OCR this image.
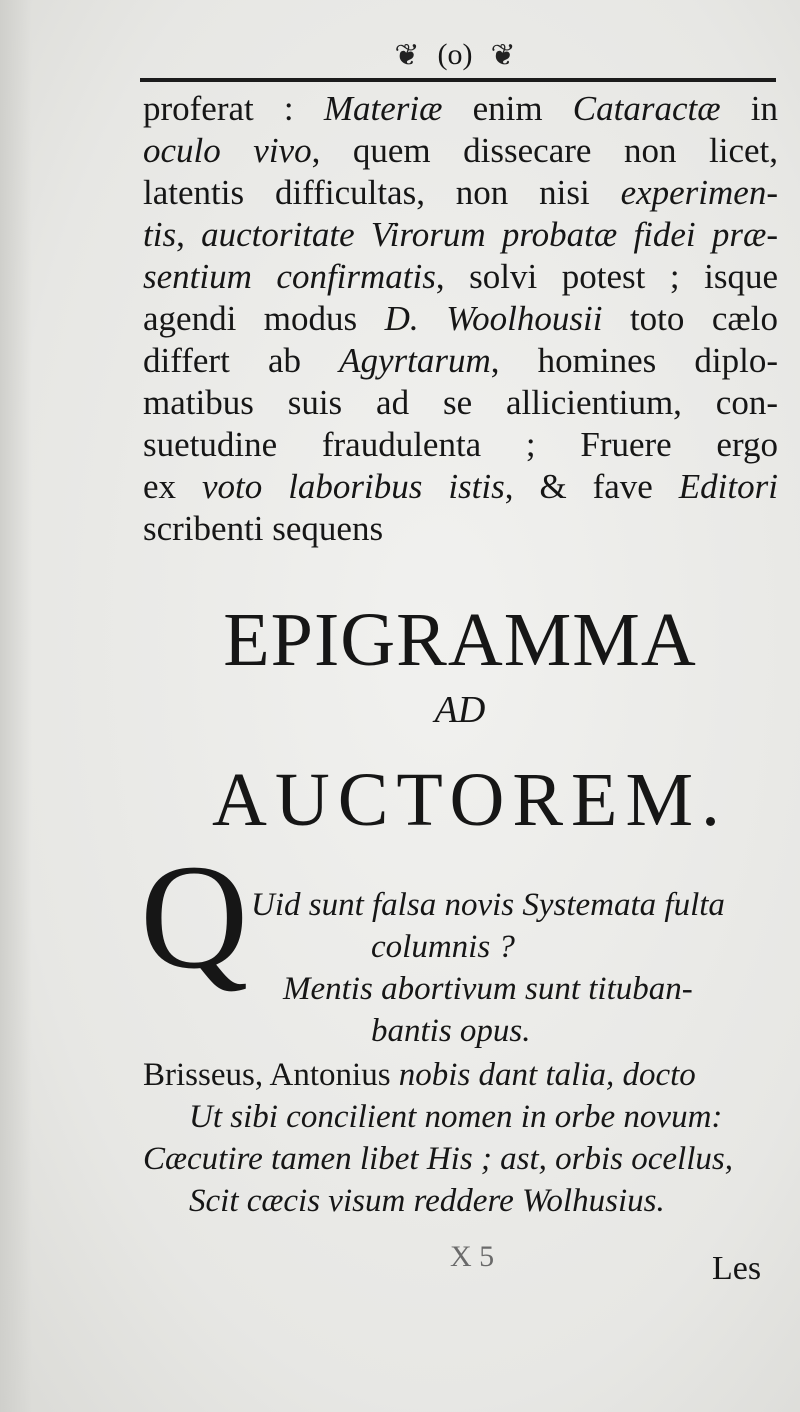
❦ (o) ❦
proferat : Materiæ enim Cataractæ in
oculo vivo, quem dissecare non licet,
latentis difficultas, non nisi experimen-
tis, auctoritate Virorum probatæ fidei præ-
sentium confirmatis, solvi potest ; isque
agendi modus D. Woolhousii toto cælo
differt ab Agyrtarum, homines diplo-
matibus suis ad se allicientium, con-
suetudine fraudulenta ; Fruere ergo
ex voto laboribus istis, & fave Editori
scribenti sequens
EPIGRAMMA
AD
AUCTOREM.
Q Uid sunt falsa novis Systemata fulta
columnis ?
Mentis abortivum sunt tituban-
bantis opus.
Brisseus, Antonius nobis dant talia, docto
Ut sibi concilient nomen in orbe novum:
Cæcutire tamen libet His ; ast, orbis ocellus,
Scit cæcis visum reddere Wolhusius.
X 5	Les
